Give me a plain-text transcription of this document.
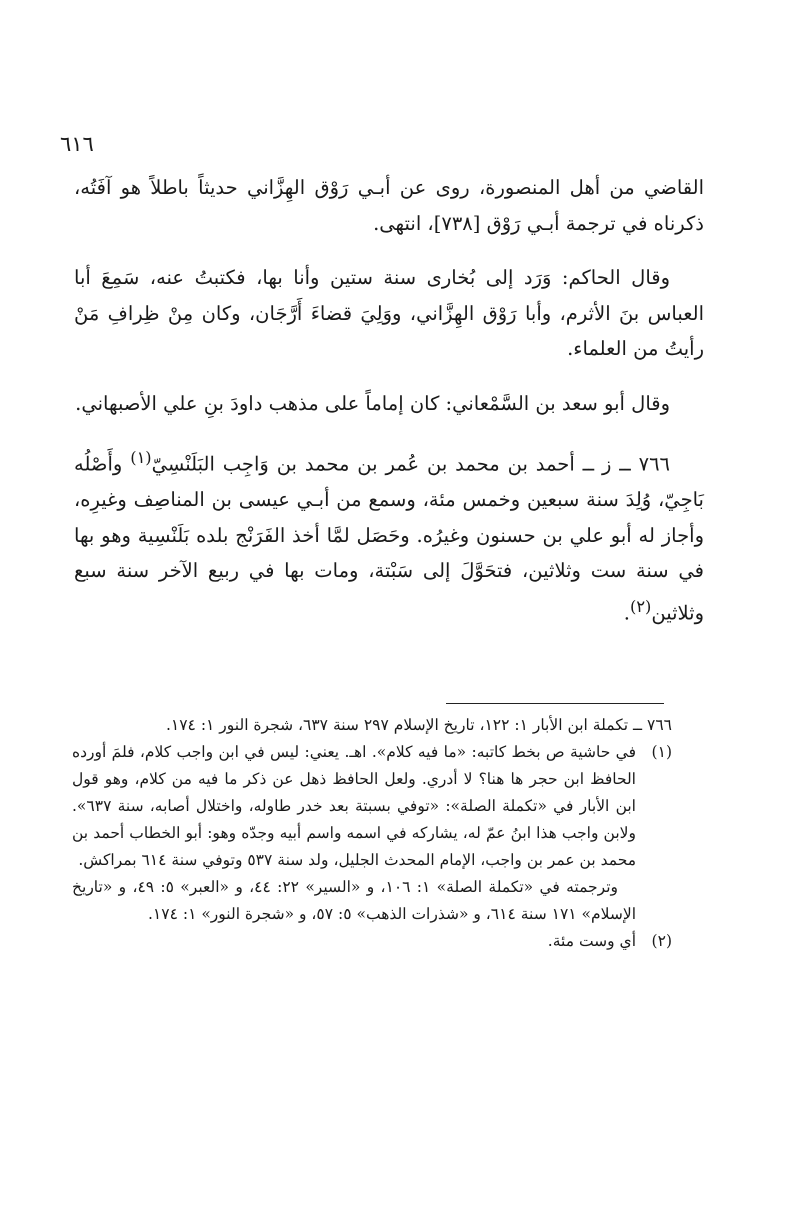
٦١٦

القاضي من أهل المنصورة، روى عن أبـي رَوْق الهِزَّاني حديثاً باطلاً هو آفَتُه، ذكرناه في ترجمة أبـي رَوْق [٧٣٨]، انتهى.

وقال الحاكم: وَرَد إلى بُخارى سنة ستين وأنا بها، فكتبتُ عنه، سَمِعَ أبا العباس بنَ الأثرم، وأبا رَوْق الهِزَّاني، ووَلِيَ قضاءَ أَرَّجَان، وكان مِنْ ظِرافِ مَنْ رأيتُ من العلماء.

وقال أبو سعد بن السَّمْعاني: كان إماماً على مذهب داودَ بنِ علي الأصبهاني.

٧٦٦ ــ ز ــ أحمد بن محمد بن عُمر بن محمد بن وَاجِب البَلَنْسِيّ$^{(١)}$ وأَصْلُه بَاجِيّ، وُلِدَ سنة سبعين وخمس مئة، وسمع من أبـي عيسى بن المناصِف وغيرِه، وأجاز له أبو علي بن حسنون وغيرُه. وحَصَل لمَّا أخذ الفَرَنْج بلده بَلَنْسِية وهو بها في سنة ست وثلاثين، فتحَوَّلَ إلى سَبْتة، ومات بها في ربيع الآخر سنة سبع وثلاثين$^{(٢)}$.

٧٦٦ ــ تكملة ابن الأبار ١: ١٢٢، تاريخ الإسلام ٢٩٧ سنة ٦٣٧، شجرة النور ١: ١٧٤.

(١)
في حاشية ص بخط كاتبه: «ما فيه كلام». اهـ. يعني: ليس في ابن واجب كلام، فلمَ أورده الحافظ ابن حجر ها هنا؟ لا أدري. ولعل الحافظ ذهل عن ذكر ما فيه من كلام، وهو قول ابن الأبار في «تكملة الصلة»: «توفي بسبتة بعد خدر طاوله، واختلال أصابه، سنة ٦٣٧». ولابن واجب هذا ابنُ عمّ له، يشاركه في اسمه واسم أبيه وجدّه وهو: أبو الخطاب أحمد بن محمد بن عمر بن واجب، الإمام المحدث الجليل، ولد سنة ٥٣٧ وتوفي سنة ٦١٤ بمراكش.

وترجمته في «تكملة الصلة» ١: ١٠٦، و «السير» ٢٢: ٤٤، و «العبر» ٥: ٤٩، و «تاريخ الإسلام» ١٧١ سنة ٦١٤، و «شذرات الذهب» ٥: ٥٧، و «شجرة النور» ١: ١٧٤.

(٢)
أي وست مئة.
